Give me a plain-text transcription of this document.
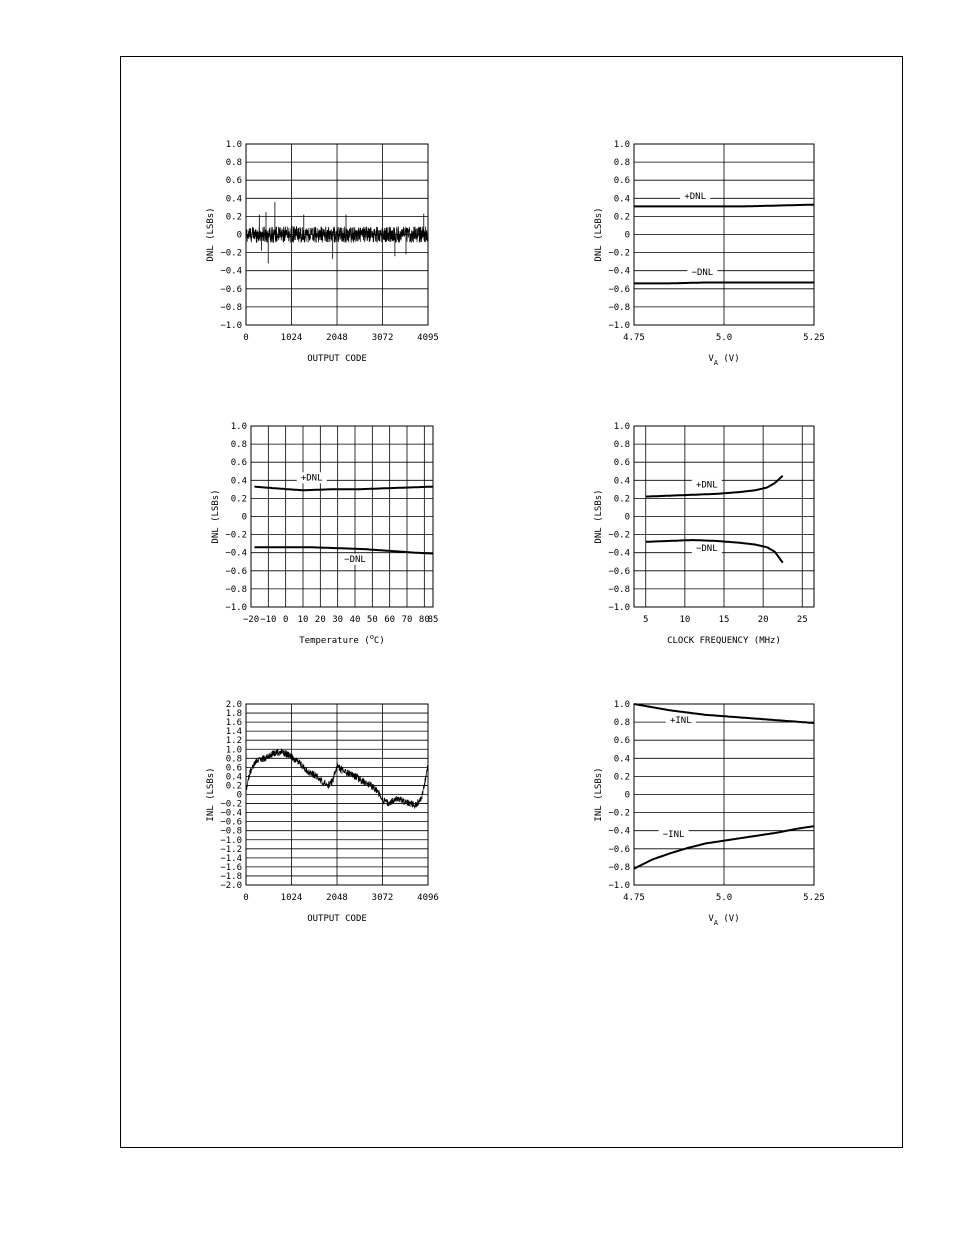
−1.0
−0.8
−0.6
−0.4
−0.2
0
0.2
0.4
0.6
0.8
1.0
0	1024	2048	3072	4095
DNL (LSBs)
OUTPUT CODE
−1.0
−0.8
−0.6
−0.4
−0.2
0
0.2
0.4
0.6
0.8
1.0
4.75	5.0	5.25
DNL (LSBs)
$V_A$ (V)
+DNL
−DNL
−1.0
−0.8
−0.6
−0.4
−0.2
0
0.2
0.4
0.6
0.8
1.0
−20 −10 0 10 20 30 40 50 60 70 80
85
DNL (LSBs)
Temperature ($^o$C)
+DNL
−DNL
−1.0
−0.8
−0.6
−0.4
−0.2
0
0.2
0.4
0.6
0.8
1.0
5	10	15	20	25
DNL (LSBs)
CLOCK FREQUENCY (MHz)
+DNL
−DNL
−2.0
−1.8
−1.6
−1.4
−1.2
−1.0
−0.8
−0.6
−0.4
−0.2
0
0.2
0.4
0.6
0.8
1.0
1.2
1.4
1.6
1.8
2.0
0	1024	2048	3072	4096
INL (LSBs)
OUTPUT CODE
−1.0
−0.8
−0.6
−0.4
−0.2
0
0.2
0.4
0.6
0.8
1.0
4.75	5.0	5.25
INL (LSBs)
$V_A$ (V)
+INL
−INL
